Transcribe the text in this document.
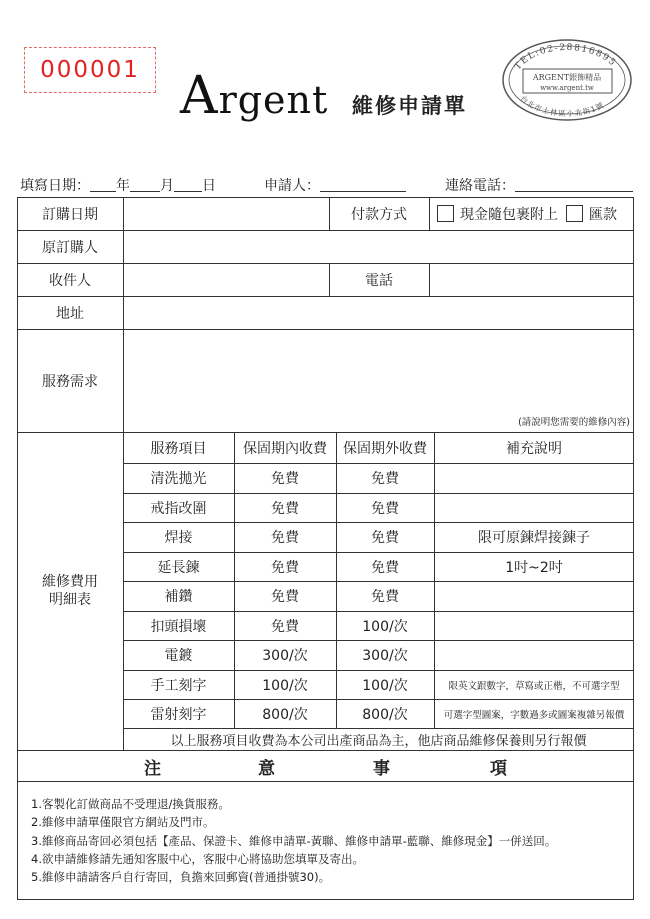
000001 Argent 維修申請單
TEL:02-28816895
ARGENT銀飾精品
www.argent.tw
台北市士林區小北街1號
填寫日期： 年 月 日	申請人：	連絡電話：
訂購日期	付款方式	現金隨包裹附上 匯款
原訂購人
收件人	電話
地址
服務需求
(請說明您需要的維修內容)
維修費用
明細表
服務項目	保固期內收費	保固期外收費	補充說明
清洗拋光	免費	免費
戒指改圍	免費	免費
焊接	免費	免費	限可原鍊焊接鍊子
延長鍊	免費	免費	1吋~2吋
補鑽	免費	免費
扣頭損壞	免費	100/次
電鍍	300/次	300/次
手工刻字	100/次	100/次	限英文跟數字，草寫或正楷，不可選字型
雷射刻字	800/次	800/次	可選字型圖案，字數過多或圖案複雜另報價
以上服務項目收費為本公司出產商品為主，他店商品維修保養則另行報價
注	意	事	項
1.客製化訂做商品不受理退/換貨服務。
2.維修申請單僅限官方網站及門市。
3.維修商品寄回必須包括【產品、保證卡、維修申請單-黃聯、維修申請單-藍聯、維修現金】一併送回。
4.欲申請維修請先通知客服中心，客服中心將協助您填單及寄出。
5.維修申請請客戶自行寄回，負擔來回郵資(普通掛號30)。
